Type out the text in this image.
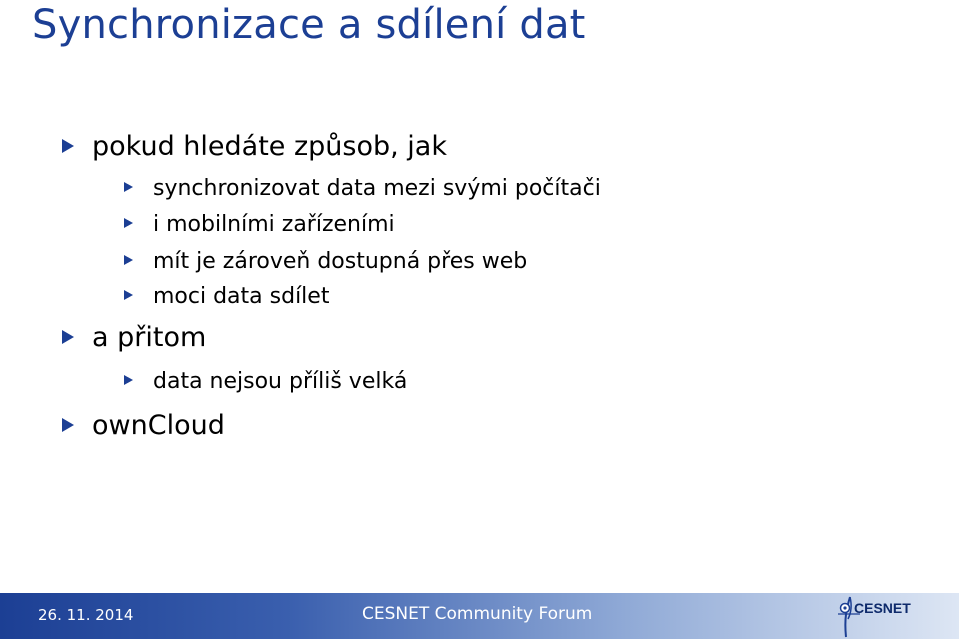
Synchronizace a sdílení dat
pokud hledáte způsob, jak
synchronizovat data mezi svými počítači
i mobilními zařízeními
mít je zároveň dostupná přes web
moci data sdílet
a přitom
data nejsou příliš velká
ownCloud
26. 11. 2014	CESNET Community Forum	CESNET
